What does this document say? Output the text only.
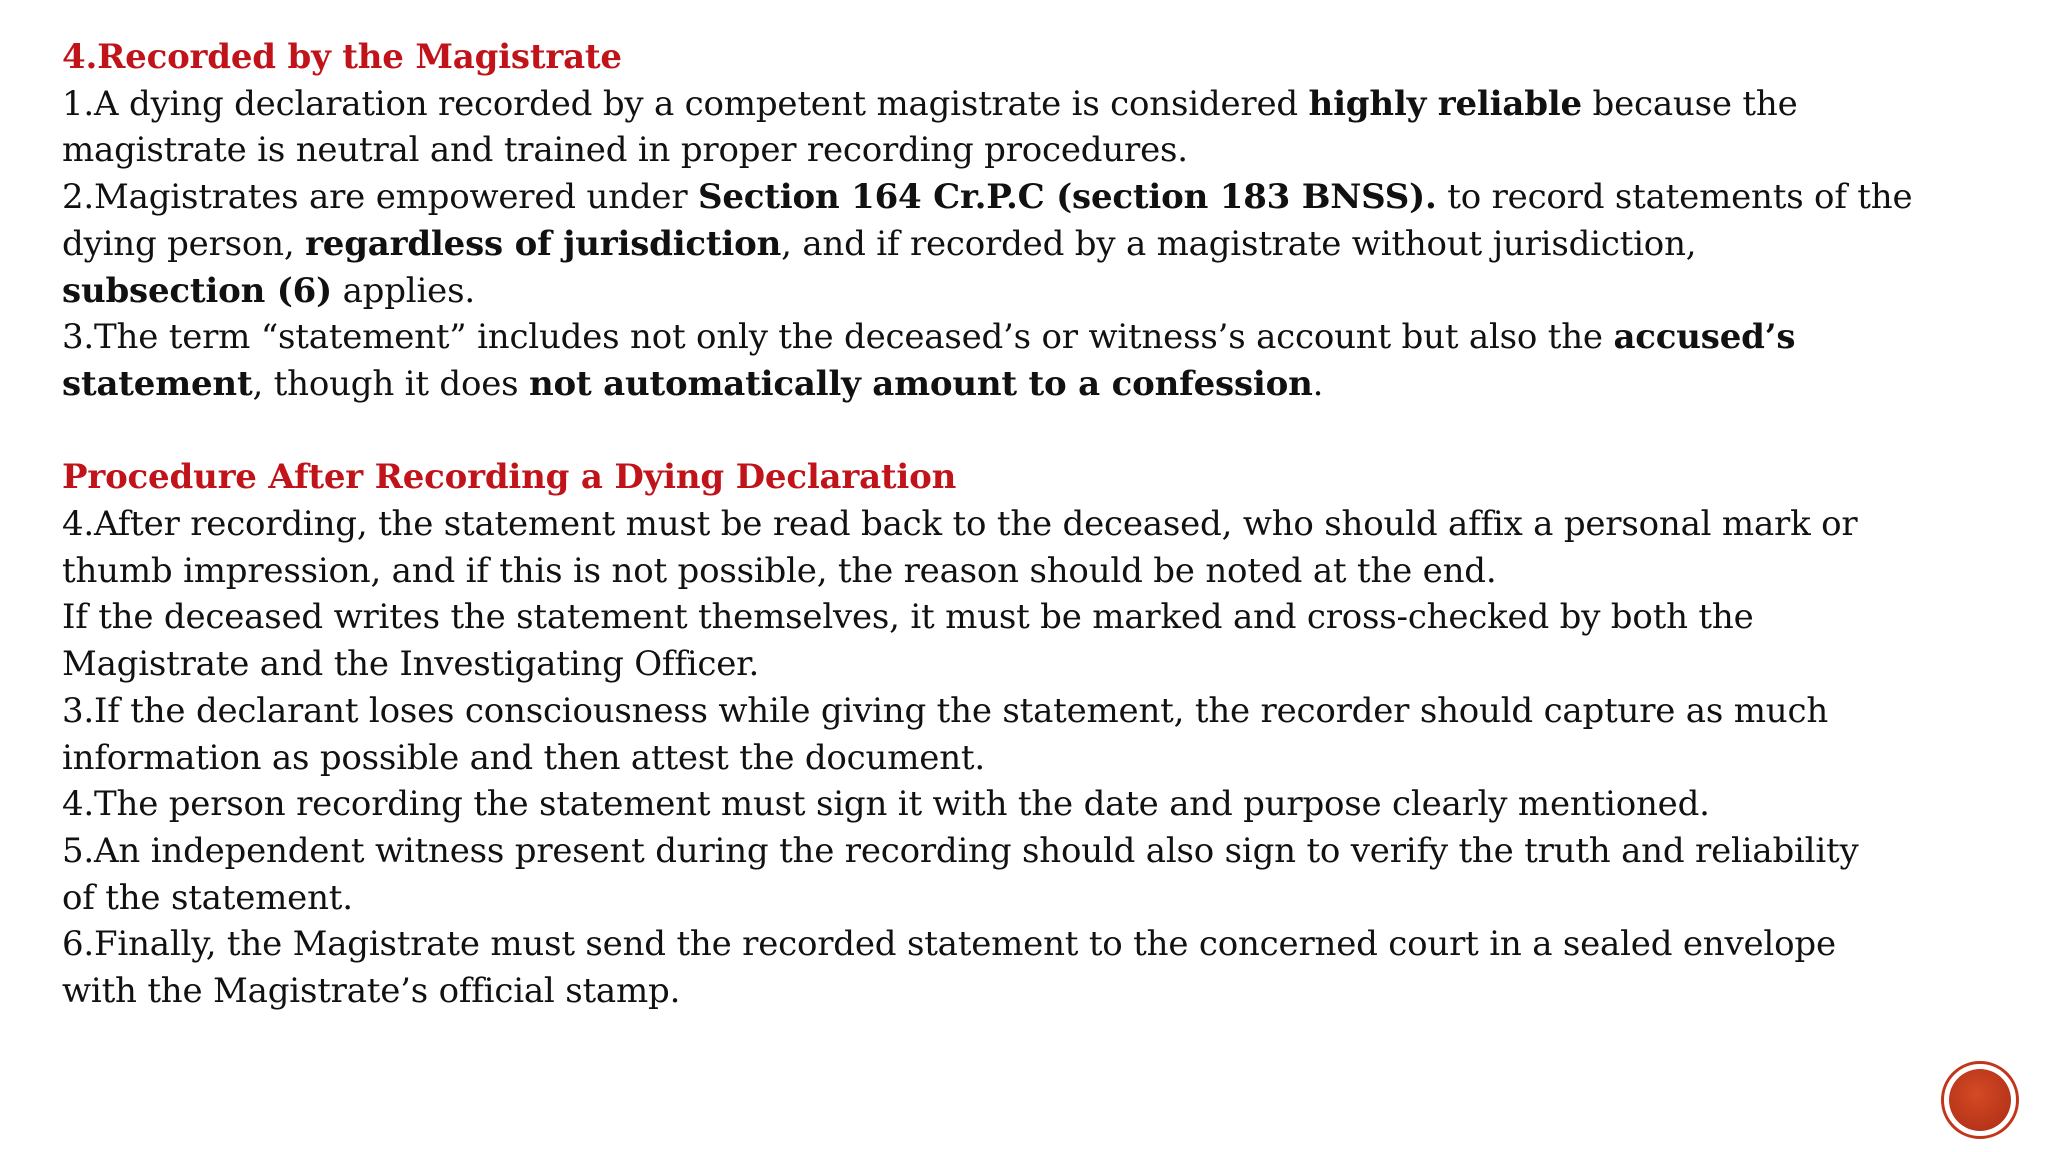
4.Recorded by the Magistrate
1.A dying declaration recorded by a competent magistrate is considered highly reliable because the
magistrate is neutral and trained in proper recording procedures.
2.Magistrates are empowered under Section 164 Cr.P.C (section 183 BNSS). to record statements of the
dying person, regardless of jurisdiction, and if recorded by a magistrate without jurisdiction,
subsection (6) applies.
3.The term “statement” includes not only the deceased’s or witness’s account but also the accused’s
statement, though it does not automatically amount to a confession.
Procedure After Recording a Dying Declaration
4.After recording, the statement must be read back to the deceased, who should affix a personal mark or
thumb impression, and if this is not possible, the reason should be noted at the end.
If the deceased writes the statement themselves, it must be marked and cross-checked by both the
Magistrate and the Investigating Officer.
3.If the declarant loses consciousness while giving the statement, the recorder should capture as much
information as possible and then attest the document.
4.The person recording the statement must sign it with the date and purpose clearly mentioned.
5.An independent witness present during the recording should also sign to verify the truth and reliability
of the statement.
6.Finally, the Magistrate must send the recorded statement to the concerned court in a sealed envelope
with the Magistrate’s official stamp.
